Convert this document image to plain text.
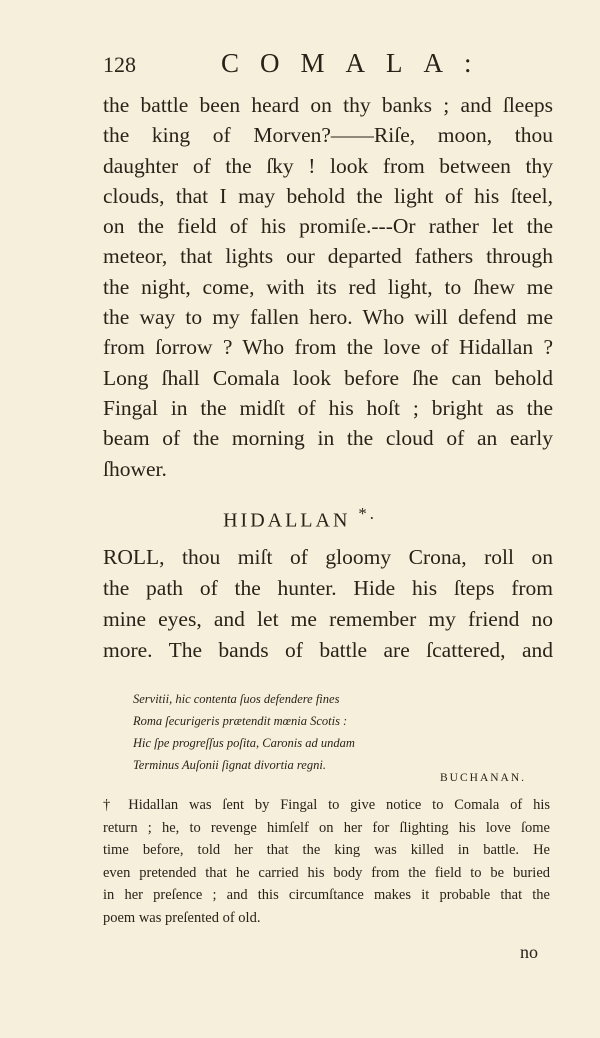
128	COMALA:
the battle been heard on thy banks ; and ſleeps
the king of Morven?——Riſe, moon, thou
daughter of the ſky ! look from between thy
clouds, that I may behold the light of his ſteel,
on the field of his promiſe.---Or rather let the
meteor, that lights our departed fathers through
the night, come, with its red light, to ſhew me
the way to my fallen hero. Who will defend me
from ſorrow ? Who from the love of Hidallan ?
Long ſhall Comala look before ſhe can behold
Fingal in the midſt of his hoſt ; bright as the
beam of the morning in the cloud of an early
ſhower.
HIDALLAN *.
ROLL, thou miſt of gloomy Crona, roll on
the path of the hunter. Hide his ſteps from
mine eyes, and let me remember my friend no
more. The bands of battle are ſcattered, and
Servitii, hic contenta ſuos defendere fines
Roma ſecurigeris prætendit mœnia Scotis :
Hic ſpe progreſſus poſita, Caronis ad undam
Terminus Auſonii ſignat divortia regni.
BUCHANAN.
† Hidallan was ſent by Fingal to give notice to Comala of his
return ; he, to revenge himſelf on her for ſlighting his love ſome
time before, told her that the king was killed in battle. He
even pretended that he carried his body from the field to be buried
in her preſence ; and this circumſtance makes it probable that the
poem was preſented of old.
no
